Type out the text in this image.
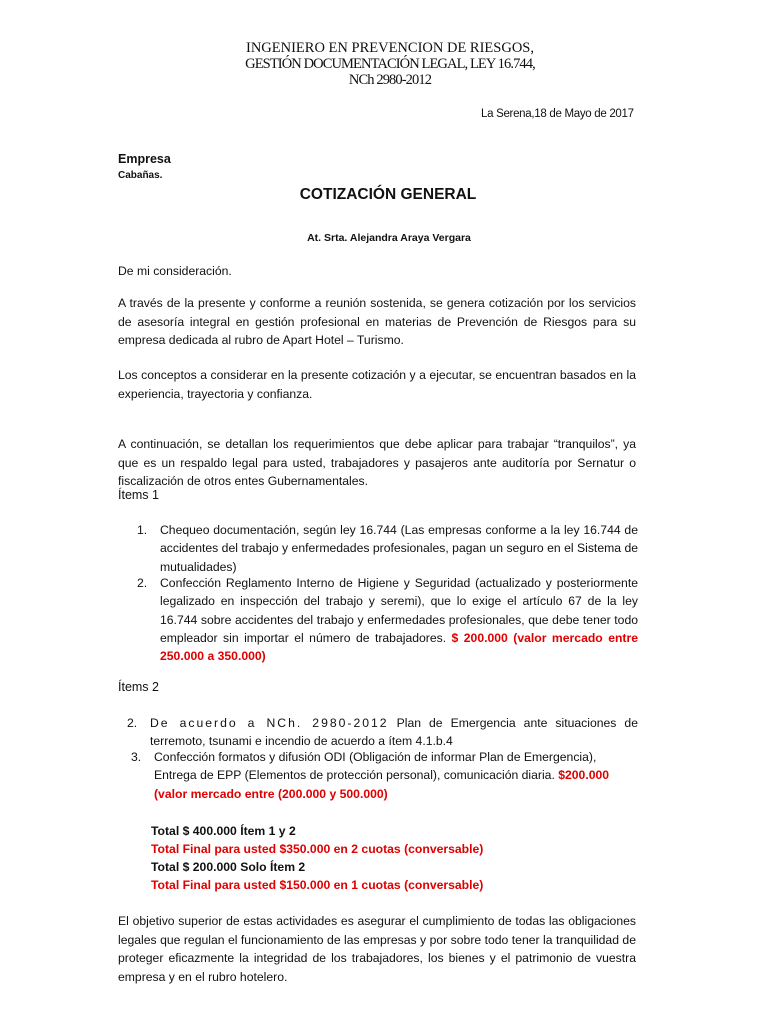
INGENIERO EN PREVENCION DE RIESGOS,
GESTIÓN DOCUMENTACIÓN LEGAL, LEY 16.744,
NCh 2980-2012
La Serena,18 de Mayo de 2017
Empresa
Cabañas.
COTIZACIÓN GENERAL
At. Srta. Alejandra Araya Vergara

De mi consideración.

A través de la presente y conforme a reunión sostenida, se genera cotización por los servicios de asesoría integral en gestión profesional en materias de Prevención de Riesgos para su empresa dedicada al rubro de Apart Hotel – Turismo.

Los conceptos a considerar en la presente cotización y a ejecutar, se encuentran basados en la experiencia, trayectoria y confianza.

A continuación, se detallan los requerimientos que debe aplicar para trabajar “tranquilos”, ya que es un respaldo legal para usted, trabajadores y pasajeros ante auditoría por Sernatur o fiscalización de otros entes Gubernamentales.

Ítems 1
1. Chequeo documentación, según ley 16.744 (Las empresas conforme a la ley 16.744 de accidentes del trabajo y enfermedades profesionales, pagan un seguro en el Sistema de mutualidades)
2. Confección Reglamento Interno de Higiene y Seguridad (actualizado y posteriormente legalizado en inspección del trabajo y seremi), que lo exige el artículo 67 de la ley 16.744 sobre accidentes del trabajo y enfermedades profesionales, que debe tener todo empleador sin importar el número de trabajadores. $ 200.000 (valor mercado entre 250.000 a 350.000)
Ítems 2
2. De acuerdo a NCh. 2980-2012 Plan de Emergencia ante situaciones de terremoto, tsunami e incendio de acuerdo a ítem 4.1.b.4
3. Confección formatos y difusión ODI (Obligación de informar Plan de Emergencia), Entrega de EPP (Elementos de protección personal), comunicación diaria. $200.000 (valor mercado entre (200.000 y 500.000)
Total $ 400.000 Ítem 1 y 2
Total Final para usted $350.000 en 2 cuotas (conversable)
Total $ 200.000 Solo Ítem 2
Total Final para usted $150.000 en 1 cuotas (conversable)

El objetivo superior de estas actividades es asegurar el cumplimiento de todas las obligaciones legales que regulan el funcionamiento de las empresas y por sobre todo tener la tranquilidad de proteger eficazmente la integridad de los trabajadores, los bienes y el patrimonio de vuestra empresa y en el rubro hotelero.
